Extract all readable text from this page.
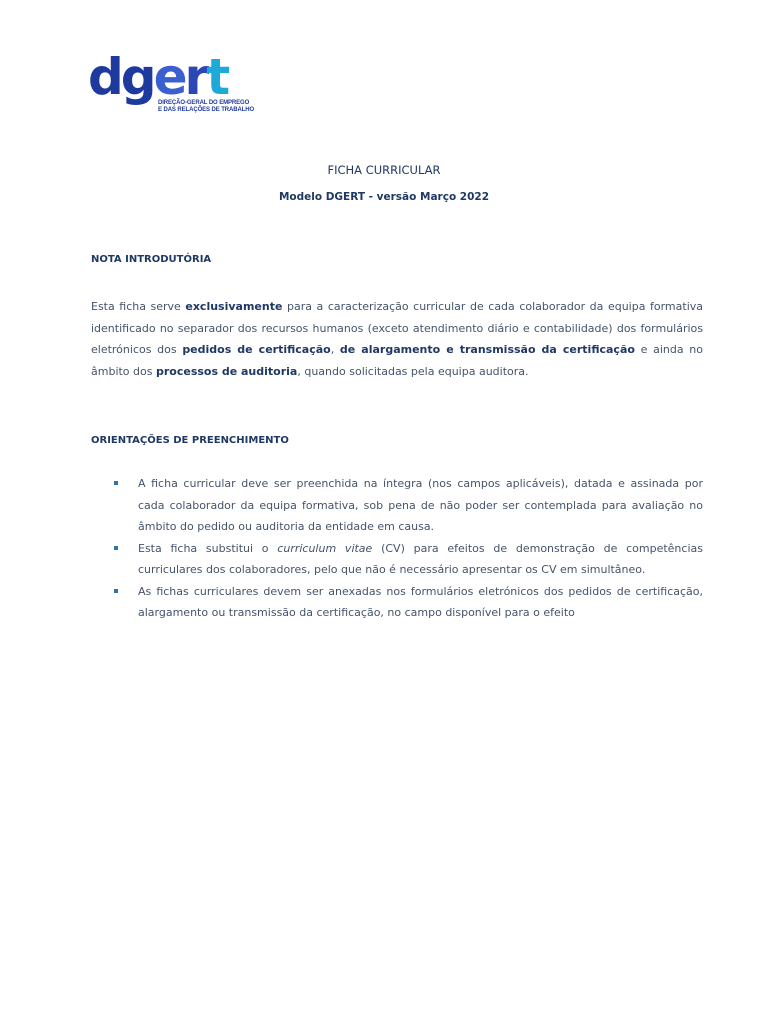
dgert
DIREÇÃO-GERAL DO EMPREGO
E DAS RELAÇÕES DE TRABALHO
FICHA CURRICULAR
Modelo DGERT - versão Março 2022
NOTA INTRODUTÓRIA
Esta ficha serve exclusivamente para a caracterização curricular de cada colaborador da equipa formativa identificado no separador dos recursos humanos (exceto atendimento diário e contabilidade) dos formulários eletrónicos dos pedidos de certificação, de alargamento e transmissão da certificação e ainda no âmbito dos processos de auditoria, quando solicitadas pela equipa auditora.
ORIENTAÇÕES DE PREENCHIMENTO
A ficha curricular deve ser preenchida na íntegra (nos campos aplicáveis), datada e assinada por cada colaborador da equipa formativa, sob pena de não poder ser contemplada para avaliação no âmbito do pedido ou auditoria da entidade em causa.
Esta ficha substitui o curriculum vitae (CV) para efeitos de demonstração de competências curriculares dos colaboradores, pelo que não é necessário apresentar os CV em simultâneo.
As fichas curriculares devem ser anexadas nos formulários eletrónicos dos pedidos de certificação, alargamento ou transmissão da certificação, no campo disponível para o efeito
